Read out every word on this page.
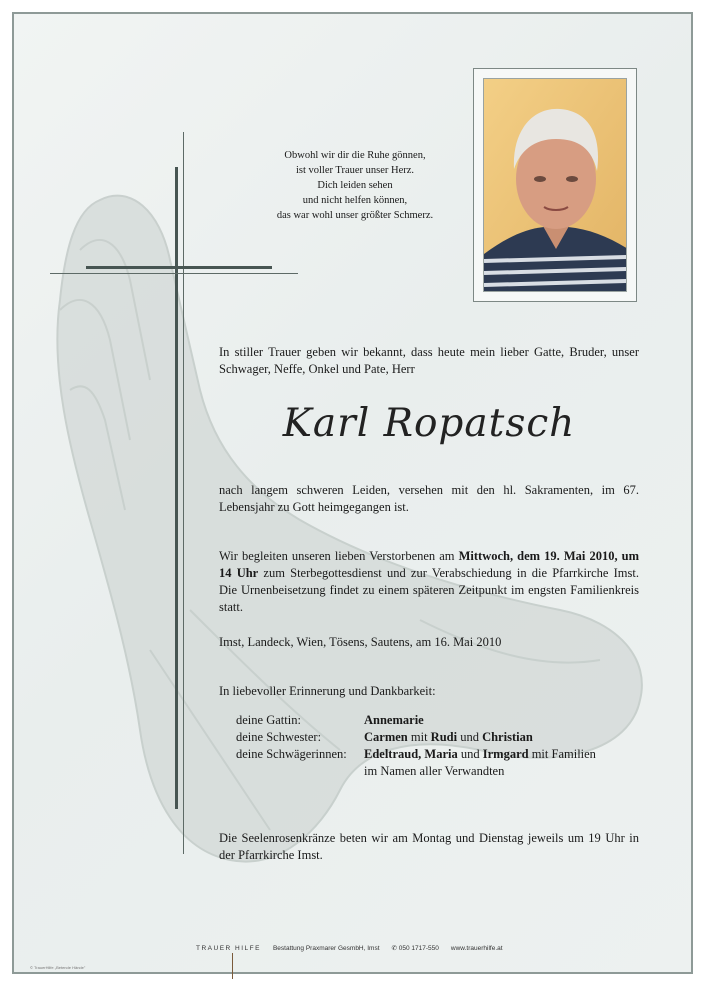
Obwohl wir dir die Ruhe gönnen,
ist voller Trauer unser Herz.
Dich leiden sehen
und nicht helfen können,
das war wohl unser größter Schmerz.
In stiller Trauer geben wir bekannt, dass heute mein lieber Gatte, Bruder, unser Schwager, Neffe, Onkel und Pate, Herr
Karl Ropatsch
nach langem schweren Leiden, versehen mit den hl. Sakramenten, im 67. Lebensjahr zu Gott heimgegangen ist.
Wir begleiten unseren lieben Verstorbenen am Mittwoch, dem 19. Mai 2010, um 14 Uhr zum Sterbegottesdienst und zur Verabschiedung in die Pfarrkirche Imst. Die Urnenbeisetzung findet zu einem späteren Zeitpunkt im engsten Familienkreis statt.
Imst, Landeck, Wien, Tösens, Sautens, am 16. Mai 2010
In liebevoller Erinnerung und Dankbarkeit:
deine Gattin:	Annemarie
deine Schwester:	Carmen mit Rudi und Christian
deine Schwägerinnen:	Edeltraud, Maria und Irmgard mit Familien
im Namen aller Verwandten
Die Seelenrosenkränze beten wir am Montag und Dienstag jeweils um 19 Uhr in der Pfarrkirche Imst.
TRAUER HILFE Bestattung Praxmarer GesmbH, Imst ✆ 050 1717-550 www.trauerhilfe.at
© TrauerHilfe „Betende Hände"
